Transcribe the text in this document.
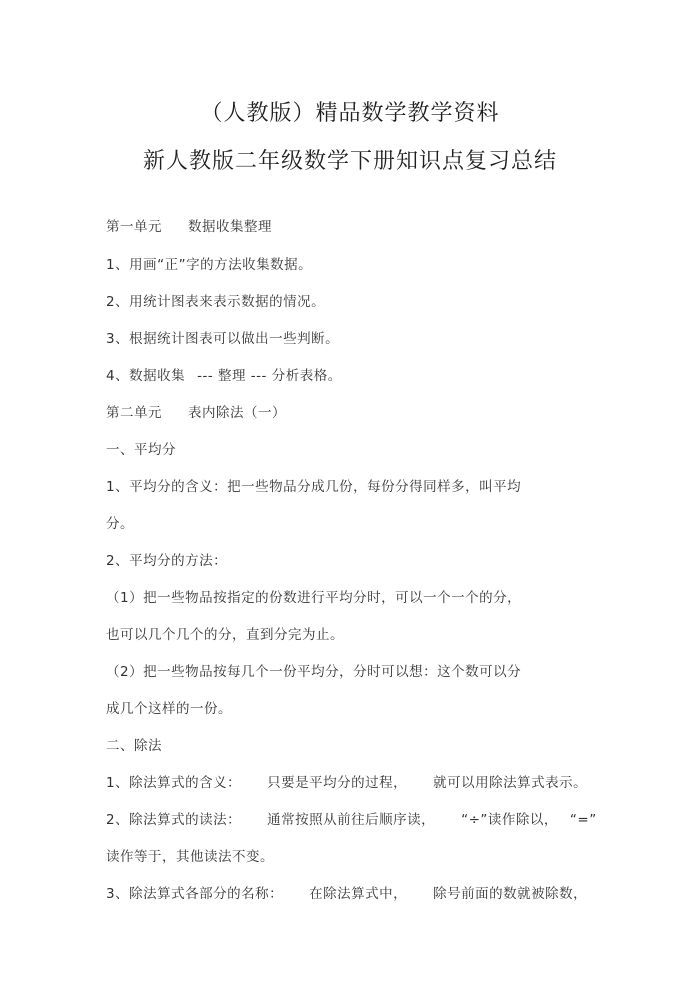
（人教版）精品数学教学资料
新人教版二年级数学下册知识点复习总结
第一单元 数据收集整理
1、用画“正”字的方法收集数据。
2、用统计图表来表示数据的情况。
3、根据统计图表可以做出一些判断。
4、数据收集 --- 整理 --- 分析表格。
第二单元 表内除法（一）
一、平均分
1、平均分的含义：把一些物品分成几份，每份分得同样多，叫平均
分。
2、平均分的方法：
（1）把一些物品按指定的份数进行平均分时，可以一个一个的分，
也可以几个几个的分，直到分完为止。
（2）把一些物品按每几个一份平均分，分时可以想：这个数可以分
成几个这样的一份。
二、除法
1、除法算式的含义： 只要是平均分的过程， 就可以用除法算式表示。
2、除法算式的读法： 通常按照从前往后顺序读， “÷”读作除以， “=”
读作等于，其他读法不变。
3、除法算式各部分的名称： 在除法算式中， 除号前面的数就被除数，
